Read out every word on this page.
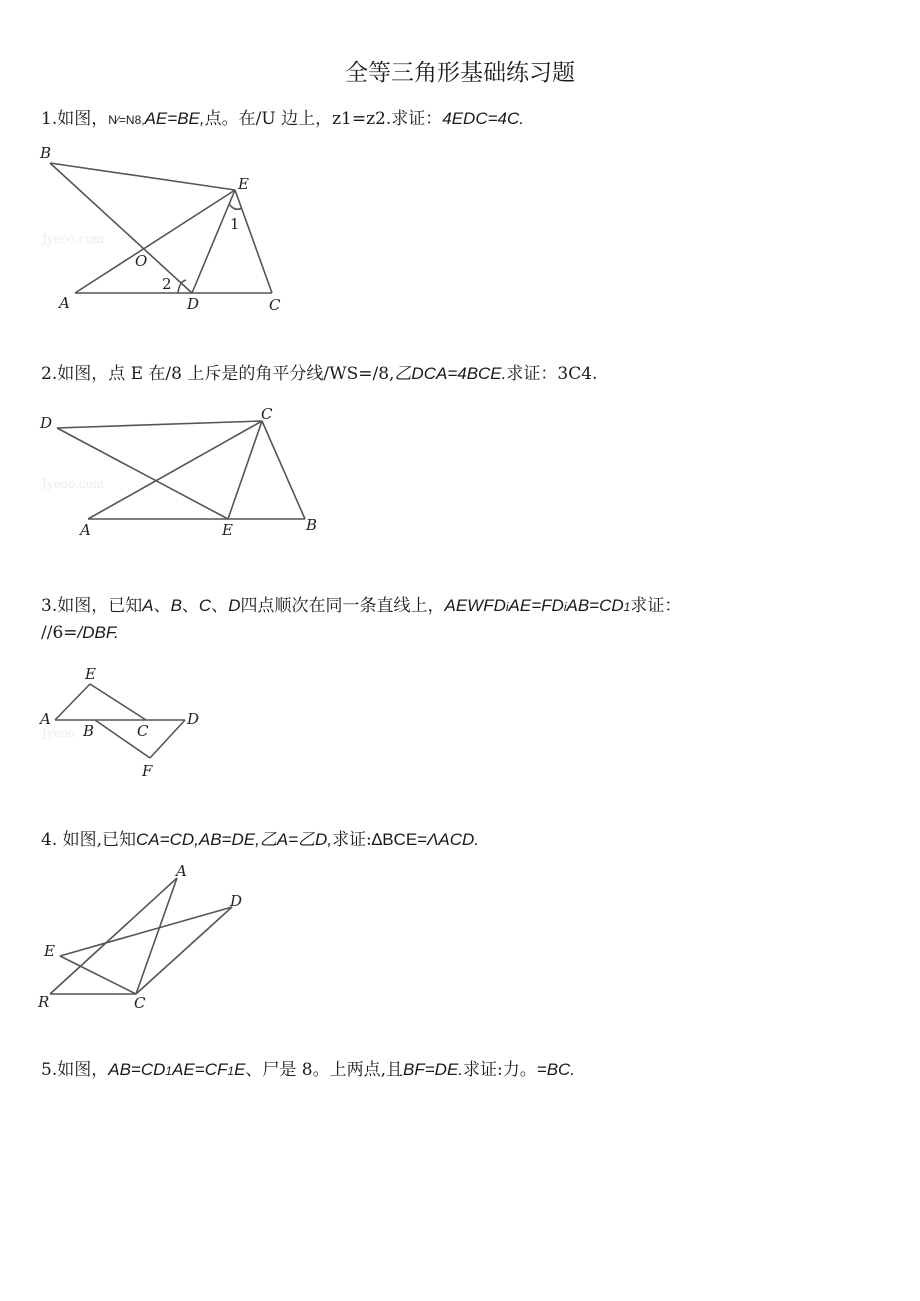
全等三角形基础练习题
1.如图，N∕=N8,AE=BE,点。在/U 边上，z1=z2.求证：4EDC=4C.
Jyeoo.com
B
E
1
O
2
A	D	C
2.如图，点 E 在/8 上斥是的角平分线/WS=/8,乙DCA=4BCE.求证：3C4.
Jyeoo.com
D	C
A	E	B
3.如图，已知A、B、C、D四点顺次在同一条直线上，AEWFDiAE=FDiAB=CD1求证：
//6=/DBF.
Jyeoo
E
A
B	C
D
F
4. 如图,已知CA=CD,AB=DE,乙A=乙D,求证:∆BCE=ΛACD.
A
D
E
R	C
5.如图，AB=CD1AE=CF1E、尸是 8。上两点,且BF=DE.求证:力。=BC.
